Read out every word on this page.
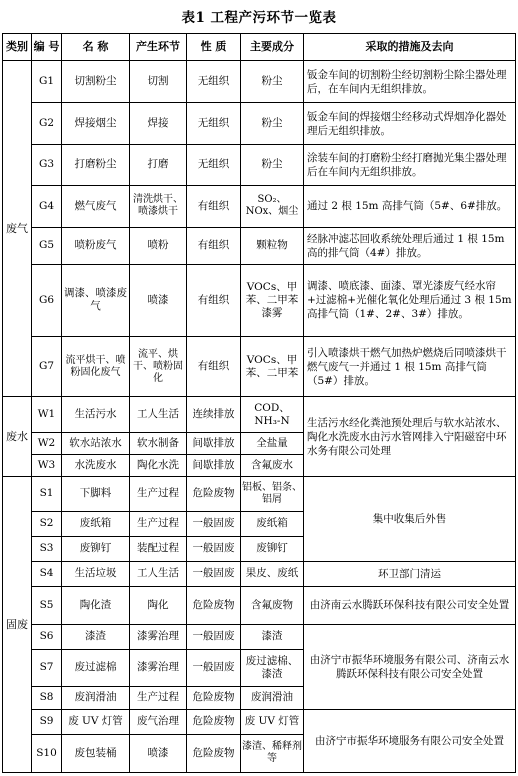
表1 工程产污环节一览表
类别	编 号	名 称	产生环节	性 质	主要成分	采取的措施及去向
废气	G1	切割粉尘	切割	无组织	粉尘	钣金车间的切割粉尘经切割粉尘除尘器处理后，在车间内无组织排放。
	G2	焊接烟尘	焊接	无组织	粉尘	钣金车间的焊接烟尘经移动式焊烟净化器处理后无组织排放。
	G3	打磨粉尘	打磨	无组织	粉尘	涂装车间的打磨粉尘经打磨抛光集尘器处理后在车间内无组织排放。
	G4	燃气废气	清洗烘干、喷漆烘干	有组织	SO₂、NOx、烟尘	通过 2 根 15m 高排气筒（5#、6#排放。
	G5	喷粉废气	喷粉	有组织	颗粒物	经脉冲滤芯回收系统处理后通过 1 根 15m 高的排气筒（4#）排放。
	G6	调漆、喷漆废气	喷漆	有组织	VOCs、甲苯、二甲苯漆雾	调漆、喷底漆、面漆、罩光漆废气经水帘+过滤棉+光催化氧化处理后通过 3 根 15m 高排气筒（1#、2#、3#）排放。
	G7	流平烘干、喷粉固化废气	流平、烘干、喷粉固化	有组织	VOCs、甲苯、二甲苯	引入喷漆烘干燃气加热炉燃烧后同喷漆烘干燃气废气一并通过 1 根 15m 高排气筒（5#）排放。
废水	W1	生活污水	工人生活	连续排放	COD、NH₃-N	生活污水经化粪池预处理后与软水站浓水、陶化水洗废水由污水管网排入宁阳磁窑中环水务有限公司处理
	W2	软水站浓水	软水制备	间歇排放	全盐量	
	W3	水洗废水	陶化水洗	间歇排放	含氟废水	
固废	S1	下脚料	生产过程	危险废物	铝板、铝条、铝屑	集中收集后外售
	S2	废纸箱	生产过程	一般固废	废纸箱	
	S3	废铆钉	装配过程	一般固废	废铆钉	
	S4	生活垃圾	工人生活	一般固废	果皮、废纸	环卫部门清运
	S5	陶化渣	陶化	危险废物	含氟废物	由济南云水腾跃环保科技有限公司安全处置
	S6	漆渣	漆雾治理	一般固废	漆渣	由济宁市振华环境服务有限公司、济南云水腾跃环保科技有限公司安全处置
	S7	废过滤棉	漆雾治理	一般固废	废过滤棉、漆渣	
	S8	废润滑油	生产过程	危险废物	废润滑油	
	S9	废 UV 灯管	废气治理	危险废物	废 UV 灯管	由济宁市振华环境服务有限公司安全处置
	S10	废包装桶	喷漆	危险废物	漆渣、稀释剂等	
